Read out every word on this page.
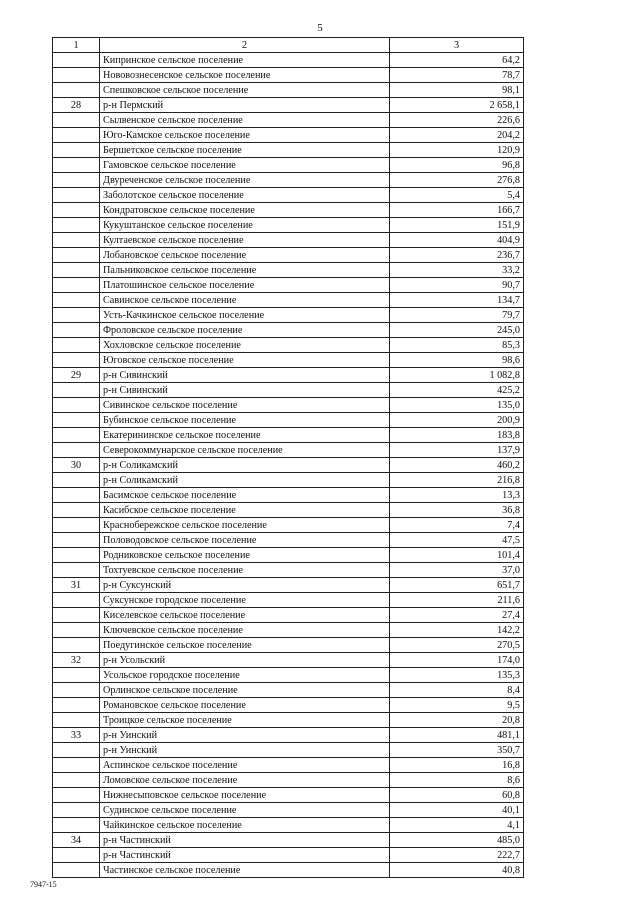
5
1	2	3
	Кипринское сельское поселение	64,2
	Нововознесенское сельское поселение	78,7
	Спешковское сельское поселение	98,1
28	р-н Пермский	2 658,1
	Сылвенское сельское поселение	226,6
	Юго-Камское сельское поселение	204,2
	Бершетское сельское поселение	120,9
	Гамовское сельское поселение	96,8
	Двуреченское сельское поселение	276,8
	Заболотское сельское поселение	5,4
	Кондратовское сельское поселение	166,7
	Кукуштанское сельское поселение	151,9
	Култаевское сельское поселение	404,9
	Лобановское сельское поселение	236,7
	Пальниковское сельское поселение	33,2
	Платошинское сельское поселение	90,7
	Савинское сельское поселение	134,7
	Усть-Качкинское сельское поселение	79,7
	Фроловское сельское поселение	245,0
	Хохловское сельское поселение	85,3
	Юговское сельское поселение	98,6
29	р-н Сивинский	1 082,8
	р-н Сивинский	425,2
	Сивинское сельское поселение	135,0
	Бубинское сельское поселение	200,9
	Екатерининское сельское поселение	183,8
	Северокоммунарское сельское поселение	137,9
30	р-н Соликамский	460,2
	р-н Соликамский	216,8
	Басимское сельское поселение	13,3
	Касибское сельское поселение	36,8
	Краснобережское сельское поселение	7,4
	Половодовское сельское поселение	47,5
	Родниковское сельское поселение	101,4
	Тохтуевское сельское поселение	37,0
31	р-н Суксунский	651,7
	Суксунское городское поселение	211,6
	Киселевское сельское поселение	27,4
	Ключевское сельское поселение	142,2
	Поедугинское сельское поселение	270,5
32	р-н Усольский	174,0
	Усольское городское поселение	135,3
	Орлинское сельское поселение	8,4
	Романовское сельское поселение	9,5
	Троицкое сельское поселение	20,8
33	р-н Уинский	481,1
	р-н Уинский	350,7
	Аспинское сельское поселение	16,8
	Ломовское сельское поселение	8,6
	Нижнесыповское сельское поселение	60,8
	Судинское сельское поселение	40,1
	Чайкинское сельское поселение	4,1
34	р-н Частинский	485,0
	р-н Частинский	222,7
	Частинское сельское поселение	40,8
7947-15
